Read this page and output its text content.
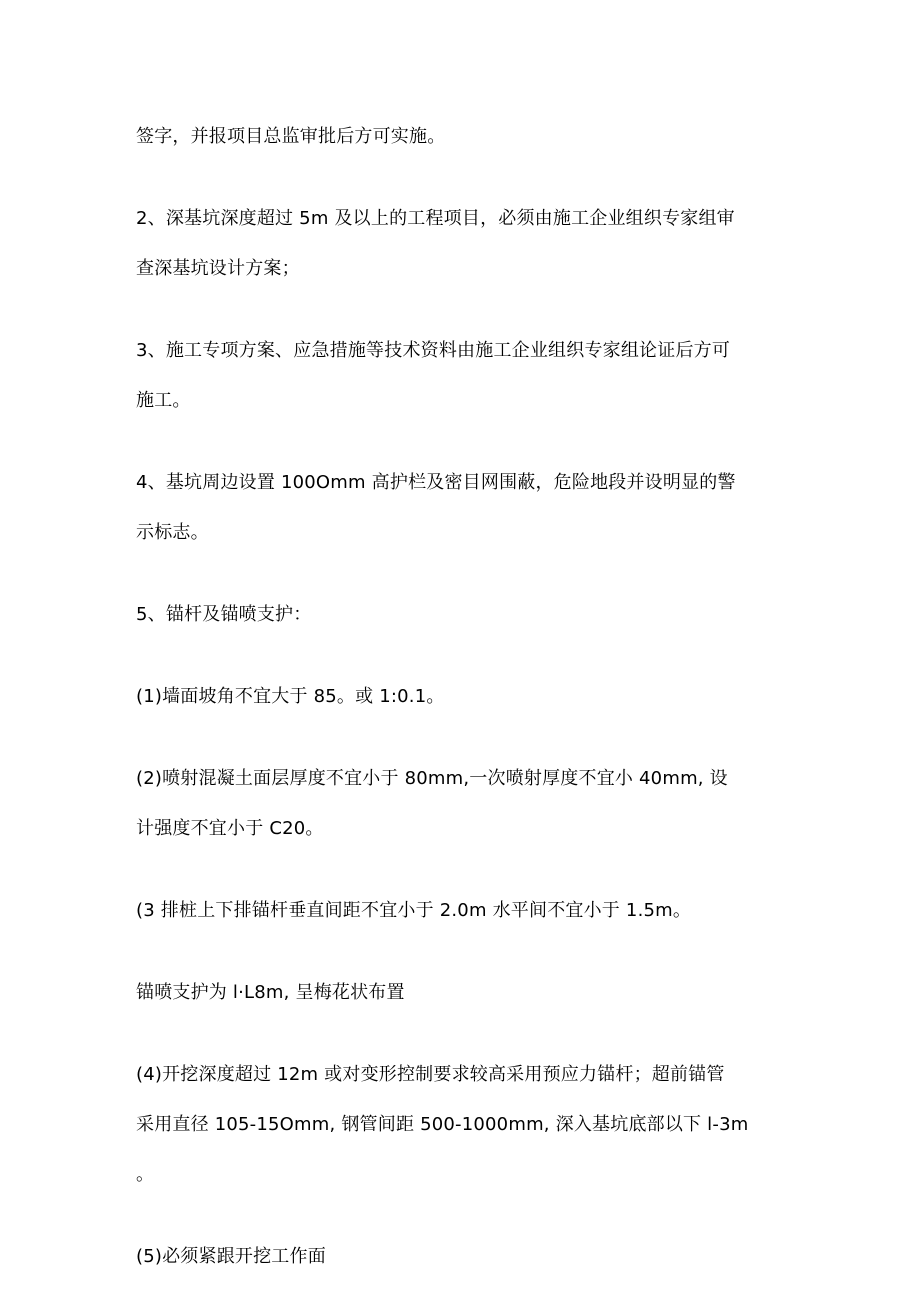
签字，并报项目总监审批后方可实施。

2、深基坑深度超过 5m 及以上的工程项目，必须由施工企业组织专家组审
查深基坑设计方案；

3、施工专项方案、应急措施等技术资料由施工企业组织专家组论证后方可
施工。

4、基坑周边设置 100Omm 高护栏及密目网围蔽，危险地段并设明显的警
示标志。

5、锚杆及锚喷支护：

(1)墙面坡角不宜大于 85。或 1:0.1。

(2)喷射混凝土面层厚度不宜小于 80mm,一次喷射厚度不宜小 40mm, 设
计强度不宜小于 C20。

(3 排桩上下排锚杆垂直间距不宜小于 2.0m 水平间不宜小于 1.5m。

锚喷支护为 l·L8m, 呈梅花状布置

(4)开挖深度超过 12m 或对变形控制要求较高采用预应力锚杆；超前锚管
采用直径 105-15Omm, 钢管间距 500-1000mm, 深入基坑底部以下 l-3m
。

(5)必须紧跟开挖工作面
